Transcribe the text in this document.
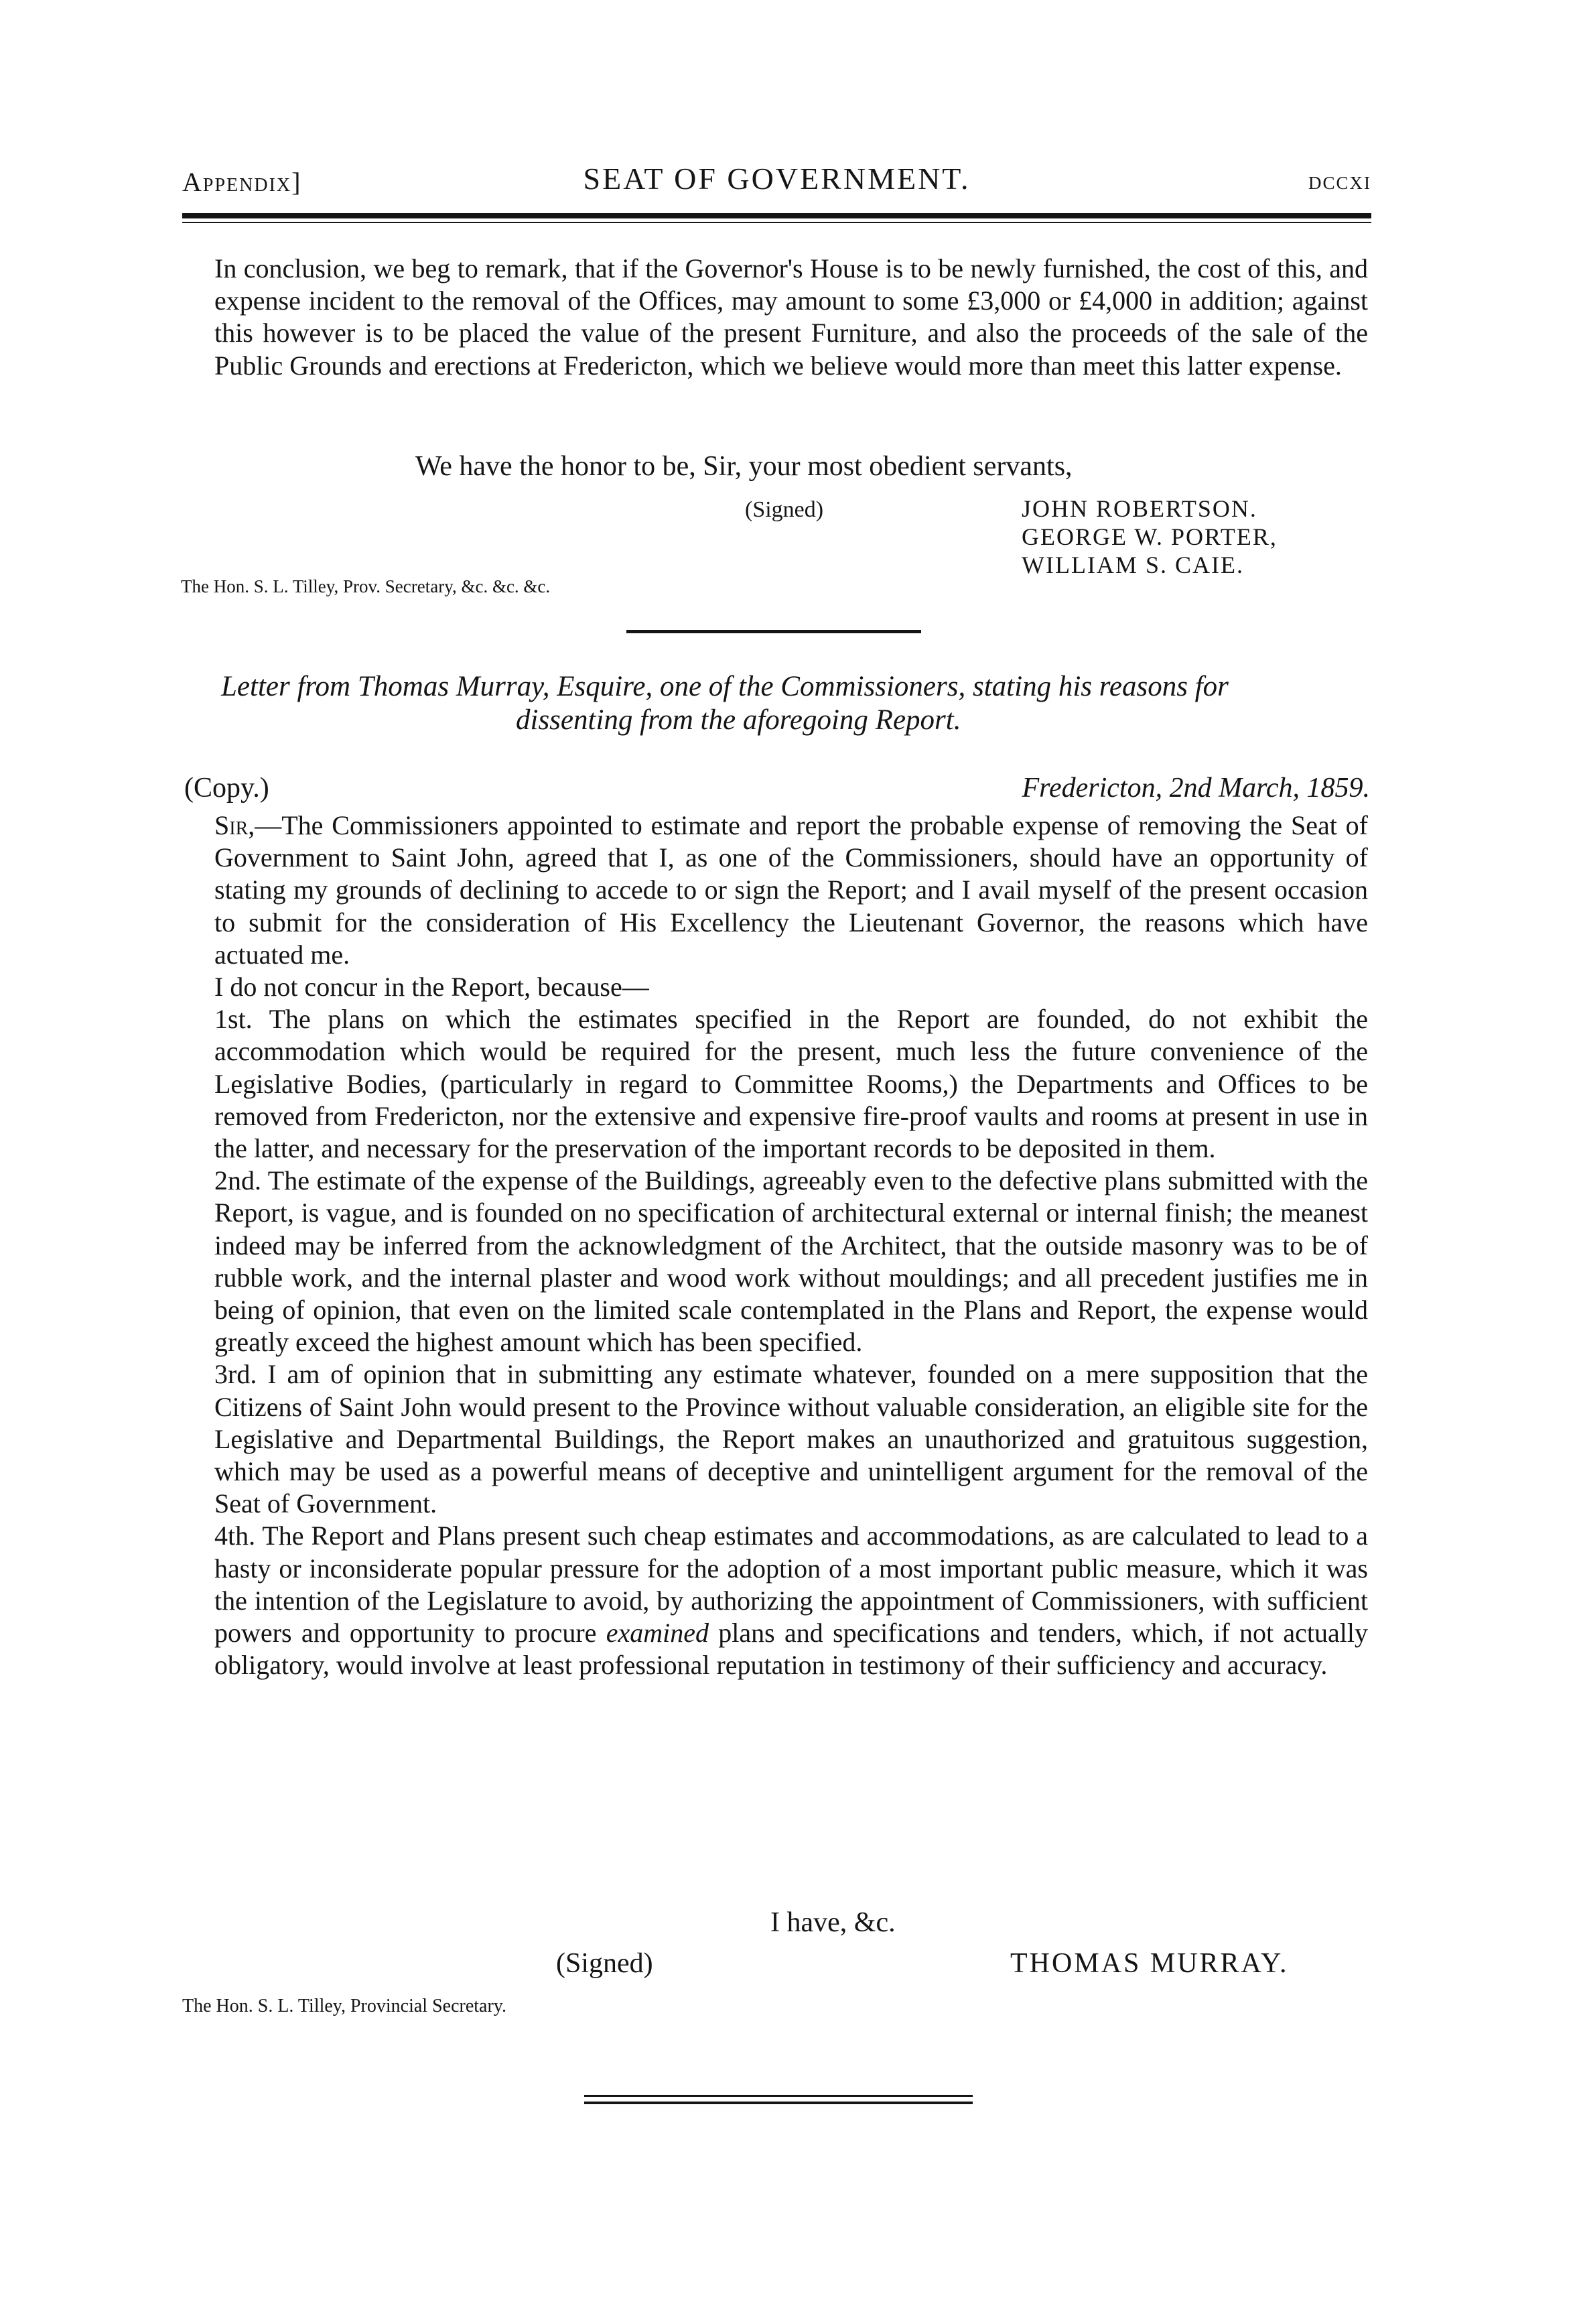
Appendix]	SEAT OF GOVERNMENT.	dccxi

In conclusion, we beg to remark, that if the Governor's House is to be newly furnished, the cost of this, and expense incident to the removal of the Offices, may amount to some £3,000 or £4,000 in addition; against this however is to be placed the value of the present Furniture, and also the proceeds of the sale of the Public Grounds and erections at Fredericton, which we believe would more than meet this latter expense.

We have the honor to be, Sir, your most obedient servants,
(Signed)	JOHN ROBERTSON.
GEORGE W. PORTER,
WILLIAM S. CAIE.
The Hon. S. L. Tilley, Prov. Secretary, &c. &c. &c.
Letter from Thomas Murray, Esquire, one of the Commissioners, stating his reasons for
dissenting from the aforegoing Report.
(Copy.)	Fredericton, 2nd March, 1859.
Sir,—The Commissioners appointed to estimate and report the probable expense of removing the Seat of Government to Saint John, agreed that I, as one of the Commissioners, should have an opportunity of stating my grounds of declining to accede to or sign the Report; and I avail myself of the present occasion to submit for the consideration of His Excellency the Lieutenant Governor, the reasons which have actuated me.
I do not concur in the Report, because—
1st. The plans on which the estimates specified in the Report are founded, do not exhibit the accommodation which would be required for the present, much less the future convenience of the Legislative Bodies, (particularly in regard to Committee Rooms,) the Departments and Offices to be removed from Fredericton, nor the extensive and expensive fire-proof vaults and rooms at present in use in the latter, and necessary for the preservation of the important records to be deposited in them.
2nd. The estimate of the expense of the Buildings, agreeably even to the defective plans submitted with the Report, is vague, and is founded on no specification of architectural external or internal finish; the meanest indeed may be inferred from the acknowledgment of the Architect, that the outside masonry was to be of rubble work, and the internal plaster and wood work without mouldings; and all precedent justifies me in being of opinion, that even on the limited scale contemplated in the Plans and Report, the expense would greatly exceed the highest amount which has been specified.
3rd. I am of opinion that in submitting any estimate whatever, founded on a mere supposition that the Citizens of Saint John would present to the Province without valuable consideration, an eligible site for the Legislative and Departmental Buildings, the Report makes an unauthorized and gratuitous suggestion, which may be used as a powerful means of deceptive and unintelligent argument for the removal of the Seat of Government.
4th. The Report and Plans present such cheap estimates and accommodations, as are calculated to lead to a hasty or inconsiderate popular pressure for the adoption of a most important public measure, which it was the intention of the Legislature to avoid, by authorizing the appointment of Commissioners, with sufficient powers and opportunity to procure examined plans and specifications and tenders, which, if not actually obligatory, would involve at least professional reputation in testimony of their sufficiency and accuracy.
I have, &c.
(Signed)	THOMAS MURRAY.
The Hon. S. L. Tilley, Provincial Secretary.
